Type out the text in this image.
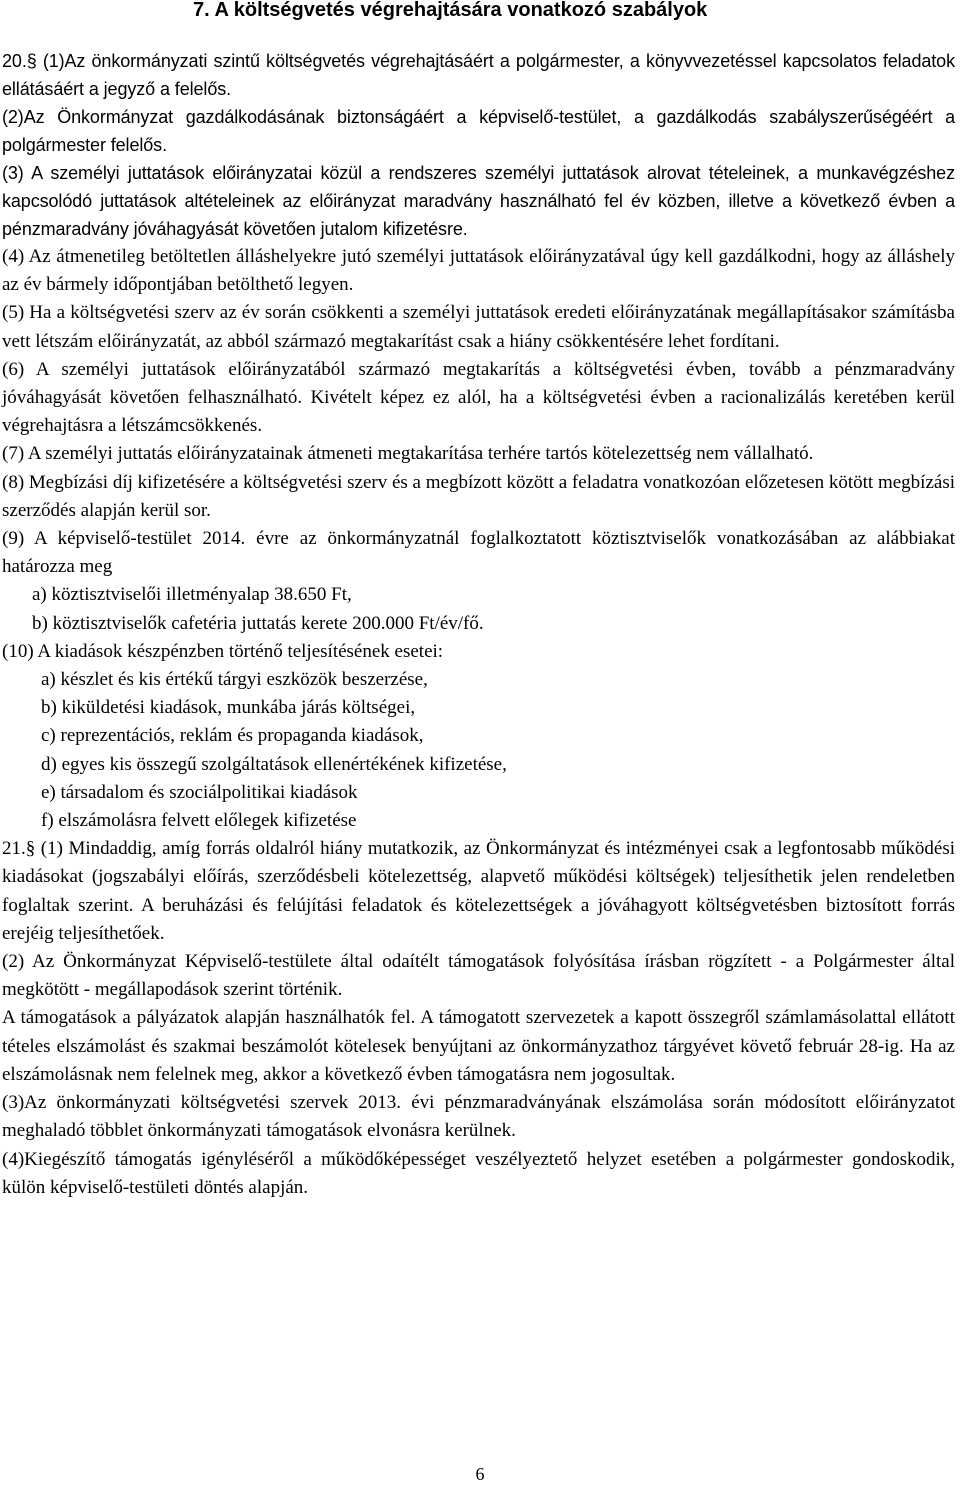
7. A költségvetés végrehajtására vonatkozó szabályok

20.§ (1)Az önkormányzati szintű költségvetés végrehajtásáért a polgármester, a könyvvezetéssel kapcsolatos feladatok ellátásáért a jegyző a felelős.

(2)Az Önkormányzat gazdálkodásának biztonságáért a képviselő-testület, a gazdálkodás szabályszerűségéért a polgármester felelős.

(3) A személyi juttatások előirányzatai közül a rendszeres személyi juttatások alrovat tételeinek, a munkavégzéshez kapcsolódó juttatások altételeinek az előirányzat maradvány használható fel év közben, illetve a következő évben a pénzmaradvány jóváhagyását követően jutalom kifizetésre.

(4) Az átmenetileg betöltetlen álláshelyekre jutó személyi juttatások előirányzatával úgy kell gazdálkodni, hogy az álláshely az év bármely időpontjában betölthető legyen.

(5) Ha a költségvetési szerv az év során csökkenti a személyi juttatások eredeti előirányzatának megállapításakor számításba vett létszám előirányzatát, az abból származó megtakarítást csak a hiány csökkentésére lehet fordítani.

(6) A személyi juttatások előirányzatából származó megtakarítás a költségvetési évben, tovább a pénzmaradvány jóváhagyását követően felhasználható. Kivételt képez ez alól, ha a költségvetési évben a racionalizálás keretében kerül végrehajtásra a létszámcsökkenés.

(7) A személyi juttatás előirányzatainak átmeneti megtakarítása terhére tartós kötelezettség nem vállalható.

(8) Megbízási díj kifizetésére a költségvetési szerv és a megbízott között a feladatra vonatkozóan előzetesen kötött megbízási szerződés alapján kerül sor.

(9) A képviselő-testület 2014. évre az önkormányzatnál foglalkoztatott köztisztviselők vonatkozásában az alábbiakat határozza meg

a) köztisztviselői illetményalap 38.650 Ft,

b) köztisztviselők cafetéria juttatás kerete 200.000 Ft/év/fő.

(10) A kiadások készpénzben történő teljesítésének esetei:

a) készlet és kis értékű tárgyi eszközök beszerzése,

b) kiküldetési kiadások, munkába járás költségei,

c) reprezentációs, reklám és propaganda kiadások,

d) egyes kis összegű szolgáltatások ellenértékének kifizetése,

e) társadalom és szociálpolitikai kiadások

f) elszámolásra felvett előlegek kifizetése

21.§ (1) Mindaddig, amíg forrás oldalról hiány mutatkozik, az Önkormányzat és intézményei csak a legfontosabb működési kiadásokat (jogszabályi előírás, szerződésbeli kötelezettség, alapvető működési költségek) teljesíthetik jelen rendeletben foglaltak szerint. A beruházási és felújítási feladatok és kötelezettségek a jóváhagyott költségvetésben biztosított forrás erejéig teljesíthetőek.

(2) Az Önkormányzat Képviselő-testülete által odaítélt támogatások folyósítása írásban rögzített - a Polgármester által megkötött - megállapodások szerint történik.

A támogatások a pályázatok alapján használhatók fel. A támogatott szervezetek a kapott összegről számlamásolattal ellátott tételes elszámolást és szakmai beszámolót kötelesek benyújtani az önkormányzathoz tárgyévet követő február 28-ig. Ha az elszámolásnak nem felelnek meg, akkor a következő évben támogatásra nem jogosultak.

(3)Az önkormányzati költségvetési szervek 2013. évi pénzmaradványának elszámolása során módosított előirányzatot meghaladó többlet önkormányzati támogatások elvonásra kerülnek.

(4)Kiegészítő támogatás igényléséről a működőképességet veszélyeztető helyzet esetében a polgármester gondoskodik, külön képviselő-testületi döntés alapján.

6
